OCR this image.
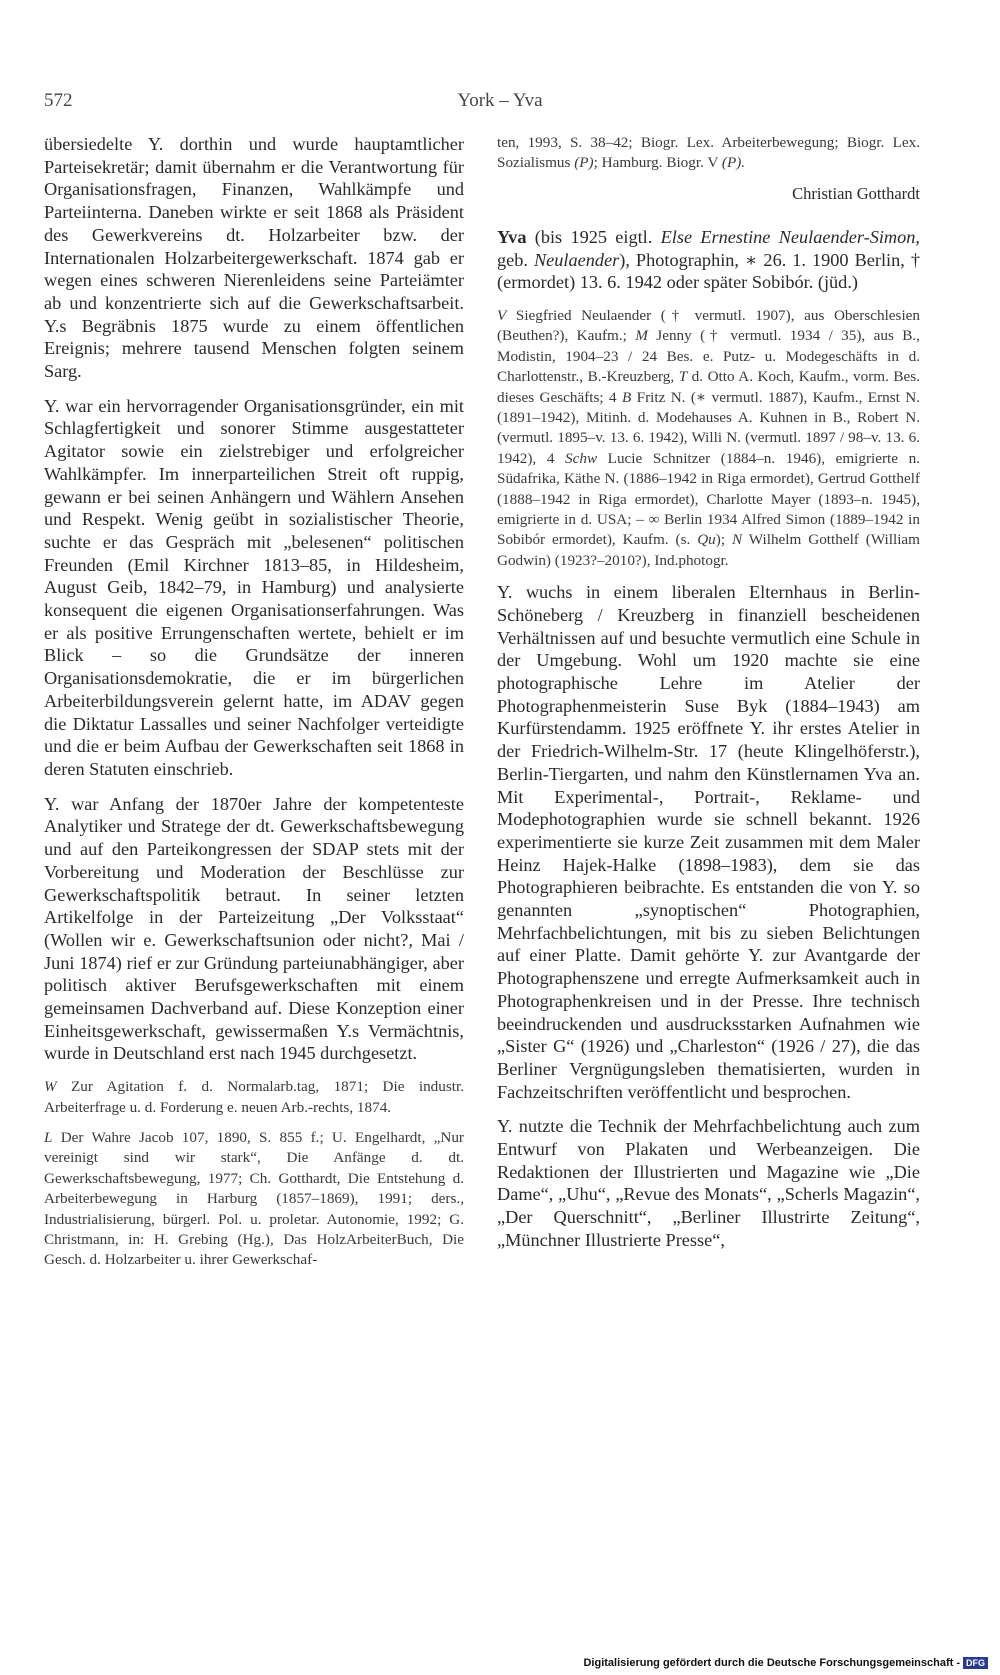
572	York – Yva

übersiedelte Y. dorthin und wurde hauptamtlicher Parteisekretär; damit übernahm er die Verantwortung für Organisationsfragen, Finanzen, Wahlkämpfe und Parteiinterna. Daneben wirkte er seit 1868 als Präsident des Gewerkvereins dt. Holzarbeiter bzw. der Internationalen Holzarbeitergewerkschaft. 1874 gab er wegen eines schweren Nierenleidens seine Parteiämter ab und konzentrierte sich auf die Gewerkschaftsarbeit. Y.s Begräbnis 1875 wurde zu einem öffentlichen Ereignis; mehrere tausend Menschen folgten seinem Sarg.

Y. war ein hervorragender Organisationsgründer, ein mit Schlagfertigkeit und sonorer Stimme ausgestatteter Agitator sowie ein zielstrebiger und erfolgreicher Wahlkämpfer. Im innerparteilichen Streit oft ruppig, gewann er bei seinen Anhängern und Wählern Ansehen und Respekt. Wenig geübt in sozialistischer Theorie, suchte er das Gespräch mit „belesenen“ politischen Freunden (Emil Kirchner 1813–85, in Hildesheim, August Geib, 1842–79, in Hamburg) und analysierte konsequent die eigenen Organisationserfahrungen. Was er als positive Errungenschaften wertete, behielt er im Blick – so die Grundsätze der inneren Organisationsdemokratie, die er im bürgerlichen Arbeiterbildungsverein gelernt hatte, im ADAV gegen die Diktatur Lassalles und seiner Nachfolger verteidigte und die er beim Aufbau der Gewerkschaften seit 1868 in deren Statuten einschrieb.

Y. war Anfang der 1870er Jahre der kompetenteste Analytiker und Stratege der dt. Gewerkschaftsbewegung und auf den Parteikongressen der SDAP stets mit der Vorbereitung und Moderation der Beschlüsse zur Gewerkschaftspolitik betraut. In seiner letzten Artikelfolge in der Parteizeitung „Der Volksstaat“ (Wollen wir e. Gewerkschaftsunion oder nicht?, Mai / Juni 1874) rief er zur Gründung parteiunabhängiger, aber politisch aktiver Berufsgewerkschaften mit einem gemeinsamen Dachverband auf. Diese Konzeption einer Einheitsgewerkschaft, gewissermaßen Y.s Vermächtnis, wurde in Deutschland erst nach 1945 durchgesetzt.

W Zur Agitation f. d. Normalarb.tag, 1871; Die industr. Arbeiterfrage u. d. Forderung e. neuen Arb.-rechts, 1874.

L Der Wahre Jacob 107, 1890, S. 855 f.; U. Engelhardt, „Nur vereinigt sind wir stark“, Die Anfänge d. dt. Gewerkschaftsbewegung, 1977; Ch. Gotthardt, Die Entstehung d. Arbeiterbewegung in Harburg (1857–1869), 1991; ders., Industrialisierung, bürgerl. Pol. u. proletar. Autonomie, 1992; G. Christmann, in: H. Grebing (Hg.), Das HolzArbeiterBuch, Die Gesch. d. Holzarbeiter u. ihrer Gewerkschaf-

ten, 1993, S. 38–42; Biogr. Lex. Arbeiterbewegung; Biogr. Lex. Sozialismus (P); Hamburg. Biogr. V (P).

Christian Gotthardt

Yva (bis 1925 eigtl. Else Ernestine Neulaender-Simon, geb. Neulaender), Photographin, ∗ 26. 1. 1900 Berlin, † (ermordet) 13. 6. 1942 oder später Sobibór. (jüd.)

V Siegfried Neulaender († vermutl. 1907), aus Oberschlesien (Beuthen?), Kaufm.; M Jenny († vermutl. 1934 / 35), aus B., Modistin, 1904–23 / 24 Bes. e. Putz- u. Modegeschäfts in d. Charlottenstr., B.-Kreuzberg, T d. Otto A. Koch, Kaufm., vorm. Bes. dieses Geschäfts; 4 B Fritz N. (∗ vermutl. 1887), Kaufm., Ernst N. (1891–1942), Mitinh. d. Modehauses A. Kuhnen in B., Robert N. (vermutl. 1895–v. 13. 6. 1942), Willi N. (vermutl. 1897 / 98–v. 13. 6. 1942), 4 Schw Lucie Schnitzer (1884–n. 1946), emigrierte n. Südafrika, Käthe N. (1886–1942 in Riga ermordet), Gertrud Gotthelf (1888–1942 in Riga ermordet), Charlotte Mayer (1893–n. 1945), emigrierte in d. USA; – ∞ Berlin 1934 Alfred Simon (1889–1942 in Sobibór ermordet), Kaufm. (s. Qu); N Wilhelm Gotthelf (William Godwin) (1923?–2010?), Ind.photogr.

Y. wuchs in einem liberalen Elternhaus in Berlin-Schöneberg / Kreuzberg in finanziell bescheidenen Verhältnissen auf und besuchte vermutlich eine Schule in der Umgebung. Wohl um 1920 machte sie eine photographische Lehre im Atelier der Photographenmeisterin Suse Byk (1884–1943) am Kurfürstendamm. 1925 eröffnete Y. ihr erstes Atelier in der Friedrich-Wilhelm-Str. 17 (heute Klingelhöferstr.), Berlin-Tiergarten, und nahm den Künstlernamen Yva an. Mit Experimental-, Portrait-, Reklame- und Modephotographien wurde sie schnell bekannt. 1926 experimentierte sie kurze Zeit zusammen mit dem Maler Heinz Hajek-Halke (1898–1983), dem sie das Photographieren beibrachte. Es entstanden die von Y. so genannten „synoptischen“ Photographien, Mehrfachbelichtungen, mit bis zu sieben Belichtungen auf einer Platte. Damit gehörte Y. zur Avantgarde der Photographenszene und erregte Aufmerksamkeit auch in Photographenkreisen und in der Presse. Ihre technisch beeindruckenden und ausdrucksstarken Aufnahmen wie „Sister G“ (1926) und „Charleston“ (1926 / 27), die das Berliner Vergnügungsleben thematisierten, wurden in Fachzeitschriften veröffentlicht und besprochen.

Y. nutzte die Technik der Mehrfachbelichtung auch zum Entwurf von Plakaten und Werbeanzeigen. Die Redaktionen der Illustrierten und Magazine wie „Die Dame“, „Uhu“, „Revue des Monats“, „Scherls Magazin“, „Der Querschnitt“, „Berliner Illustrirte Zeitung“, „Münchner Illustrierte Presse“,

Digitalisierung gefördert durch die Deutsche Forschungsgemeinschaft - DFG
